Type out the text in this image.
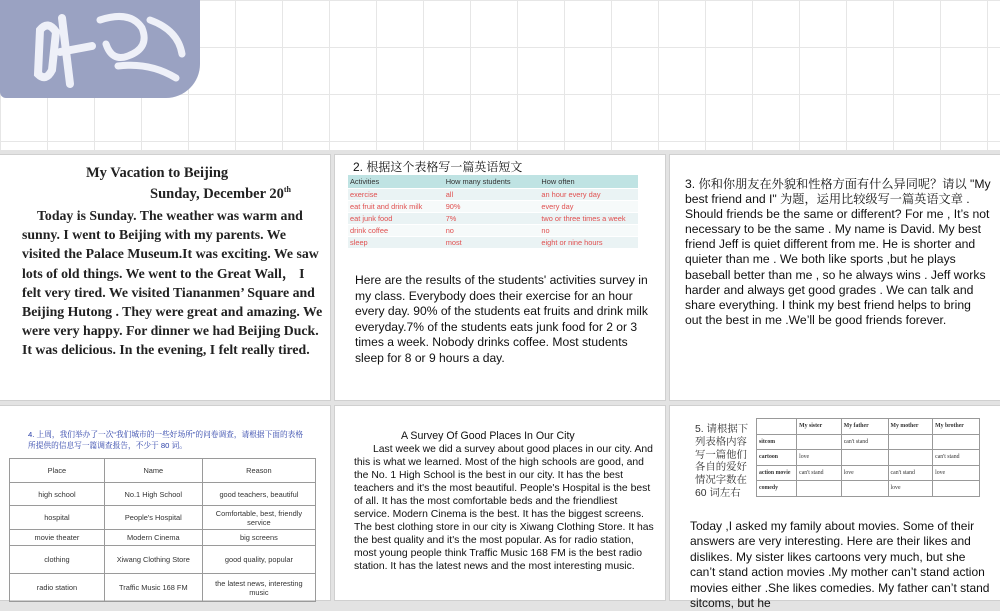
My Vacation to Beijing
Sunday, December 20th
Today is Sunday. The weather was warm and sunny. I went to Beijing with my parents. We visited the Palace Museum.It was exciting. We saw lots of old things. We went to the Great Wall， I felt very tired. We visited Tiananmen’ Square and Beijing Hutong . They were great and amazing. We were very happy. For dinner we had Beijing Duck. It was delicious. In the evening, I felt really tired.
2. 根据这个表格写一篇英语短文
Activities	How many students	How often
exercise	all	an hour every day
eat fruit and drink milk	90%	every day
eat junk food	7%	two or three times a week
drink coffee	no	no
sleep	most	eight or nine hours
Here are the results of the students' activities survey in my class. Everybody does their exercise for an hour every day. 90% of the students eat fruits and drink milk everyday.7% of the students eats junk food for 2 or 3 times a week. Nobody drinks coffee. Most students sleep for 8 or 9 hours a day.
3. 你和你朋友在外貌和性格方面有什么异同呢？请以 "My best friend and I" 为题，运用比较级写一篇英语文章 .
Should friends be the same or different? For me , It’s not necessary to be the same . My name is David. My best friend Jeff is quiet different from me. He is shorter and quieter than me . We both like sports ,but he plays baseball better than me , so he always wins . Jeff works harder and always get good grades . We can talk and share everything. I think my best friend helps to bring out the best in me .We’ll be good friends forever.
4. 上周，我们举办了一次“我们城市的一些好场所”的问卷调查，请根据下面的表格所提供的信息写一篇调查报告，不少于 80 词。
Place	Name	Reason
high school	No.1 High School	good teachers, beautiful
hospital	People's Hospital	Comfortable, best, friendly service
movie theater	Modern Cinema	big screens
clothing	Xiwang Clothing Store	good quality, popular
radio station	Traffic Music 168 FM	the latest news, interesting music
A Survey Of Good Places In Our City
Last week we did a survey about good places in our city. And this is what we learned. Most of the high schools are good, and the No. 1 High School is the best in our city. It has the best teachers and it's the most beautiful. People's Hospital is the best of all. It has the most comfortable beds and the friendliest service. Modern Cinema is the best. It has the biggest screens. The best clothing store in our city is Xiwang Clothing Store. It has the best quality and it's the most popular. As for radio station, most young people think Traffic Music 168 FM is the best radio station. It has the latest news and the most interesting music.
5. 请根据下列表格内容写一篇他们各自的爱好情况字数在 60 词左右
	My sister	My father	My mother	My brother
sitcom		can't stand		
cartoon	love			can't stand
action movie	can't stand	love	can't stand	love
comedy			love	
Today ,I asked my family about movies. Some of their answers are very interesting. Here are their likes and dislikes. My sister likes cartoons very much, but she can’t stand action movies .My mother can’t stand action movies either .She likes comedies. My father can’t stand sitcoms, but he
